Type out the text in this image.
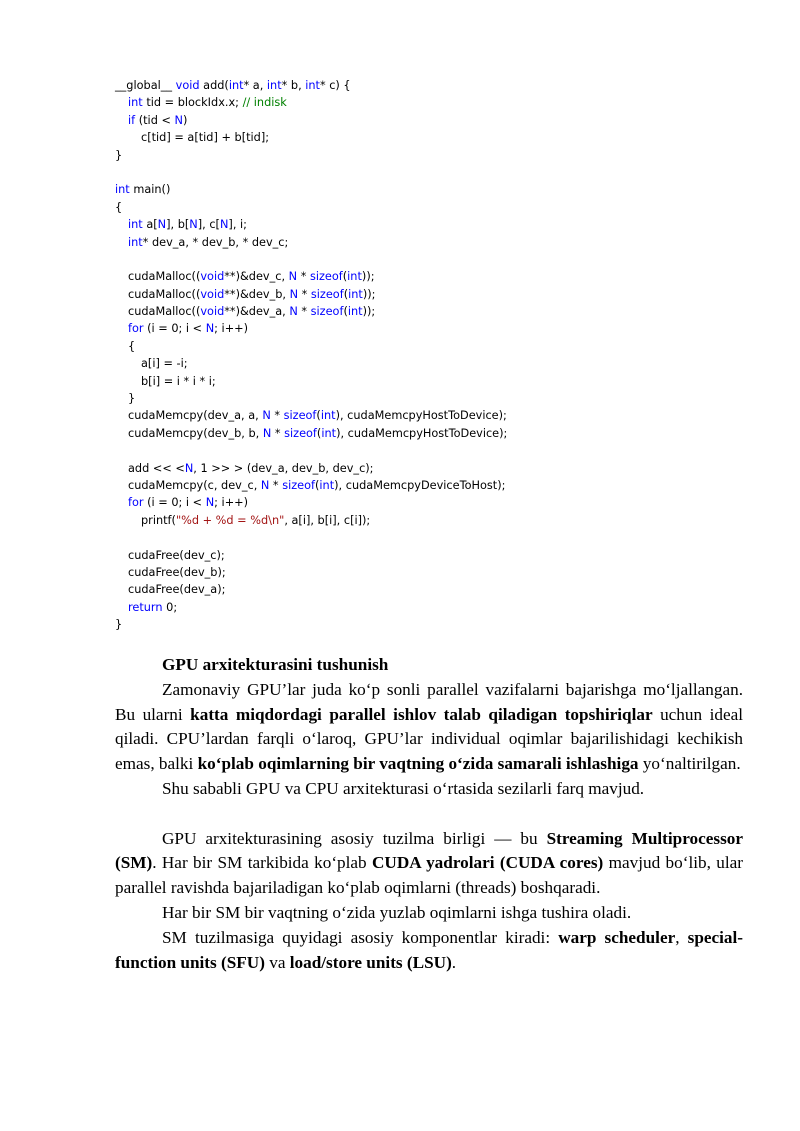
__global__ void add(int* a, int* b, int* c) {
int tid = blockIdx.x; // indisk
if (tid < N)
c[tid] = a[tid] + b[tid];
}
int main()
{
int a[N], b[N], c[N], i;
int* dev_a, * dev_b, * dev_c;
cudaMalloc((void**)&dev_c, N * sizeof(int));
cudaMalloc((void**)&dev_b, N * sizeof(int));
cudaMalloc((void**)&dev_a, N * sizeof(int));
for (i = 0; i < N; i++)
{
a[i] = -i;
b[i] = i * i * i;
}
cudaMemcpy(dev_a, a, N * sizeof(int), cudaMemcpyHostToDevice);
cudaMemcpy(dev_b, b, N * sizeof(int), cudaMemcpyHostToDevice);
add << <N, 1 >> > (dev_a, dev_b, dev_c);
cudaMemcpy(c, dev_c, N * sizeof(int), cudaMemcpyDeviceToHost);
for (i = 0; i < N; i++)
printf("%d + %d = %d\n", a[i], b[i], c[i]);
cudaFree(dev_c);
cudaFree(dev_b);
cudaFree(dev_a);
return 0;
}

GPU arxitekturasini tushunish

Zamonaviy GPU’lar juda ko‘p sonli parallel vazifalarni bajarishga mo‘ljallangan. Bu ularni katta miqdordagi parallel ishlov talab qiladigan topshiriqlar uchun ideal qiladi. CPU’lardan farqli o‘laroq, GPU’lar individual oqimlar bajarilishidagi kechikish emas, balki ko‘plab oqimlarning bir vaqtning o‘zida samarali ishlashiga yo‘naltirilgan.

Shu sababli GPU va CPU arxitekturasi o‘rtasida sezilarli farq mavjud.

GPU arxitekturasining asosiy tuzilma birligi — bu Streaming Multiprocessor (SM). Har bir SM tarkibida ko‘plab CUDA yadrolari (CUDA cores) mavjud bo‘lib, ular parallel ravishda bajariladigan ko‘plab oqimlarni (threads) boshqaradi.

Har bir SM bir vaqtning o‘zida yuzlab oqimlarni ishga tushira oladi.

SM tuzilmasiga quyidagi asosiy komponentlar kiradi: warp scheduler, special-function units (SFU) va load/store units (LSU).
